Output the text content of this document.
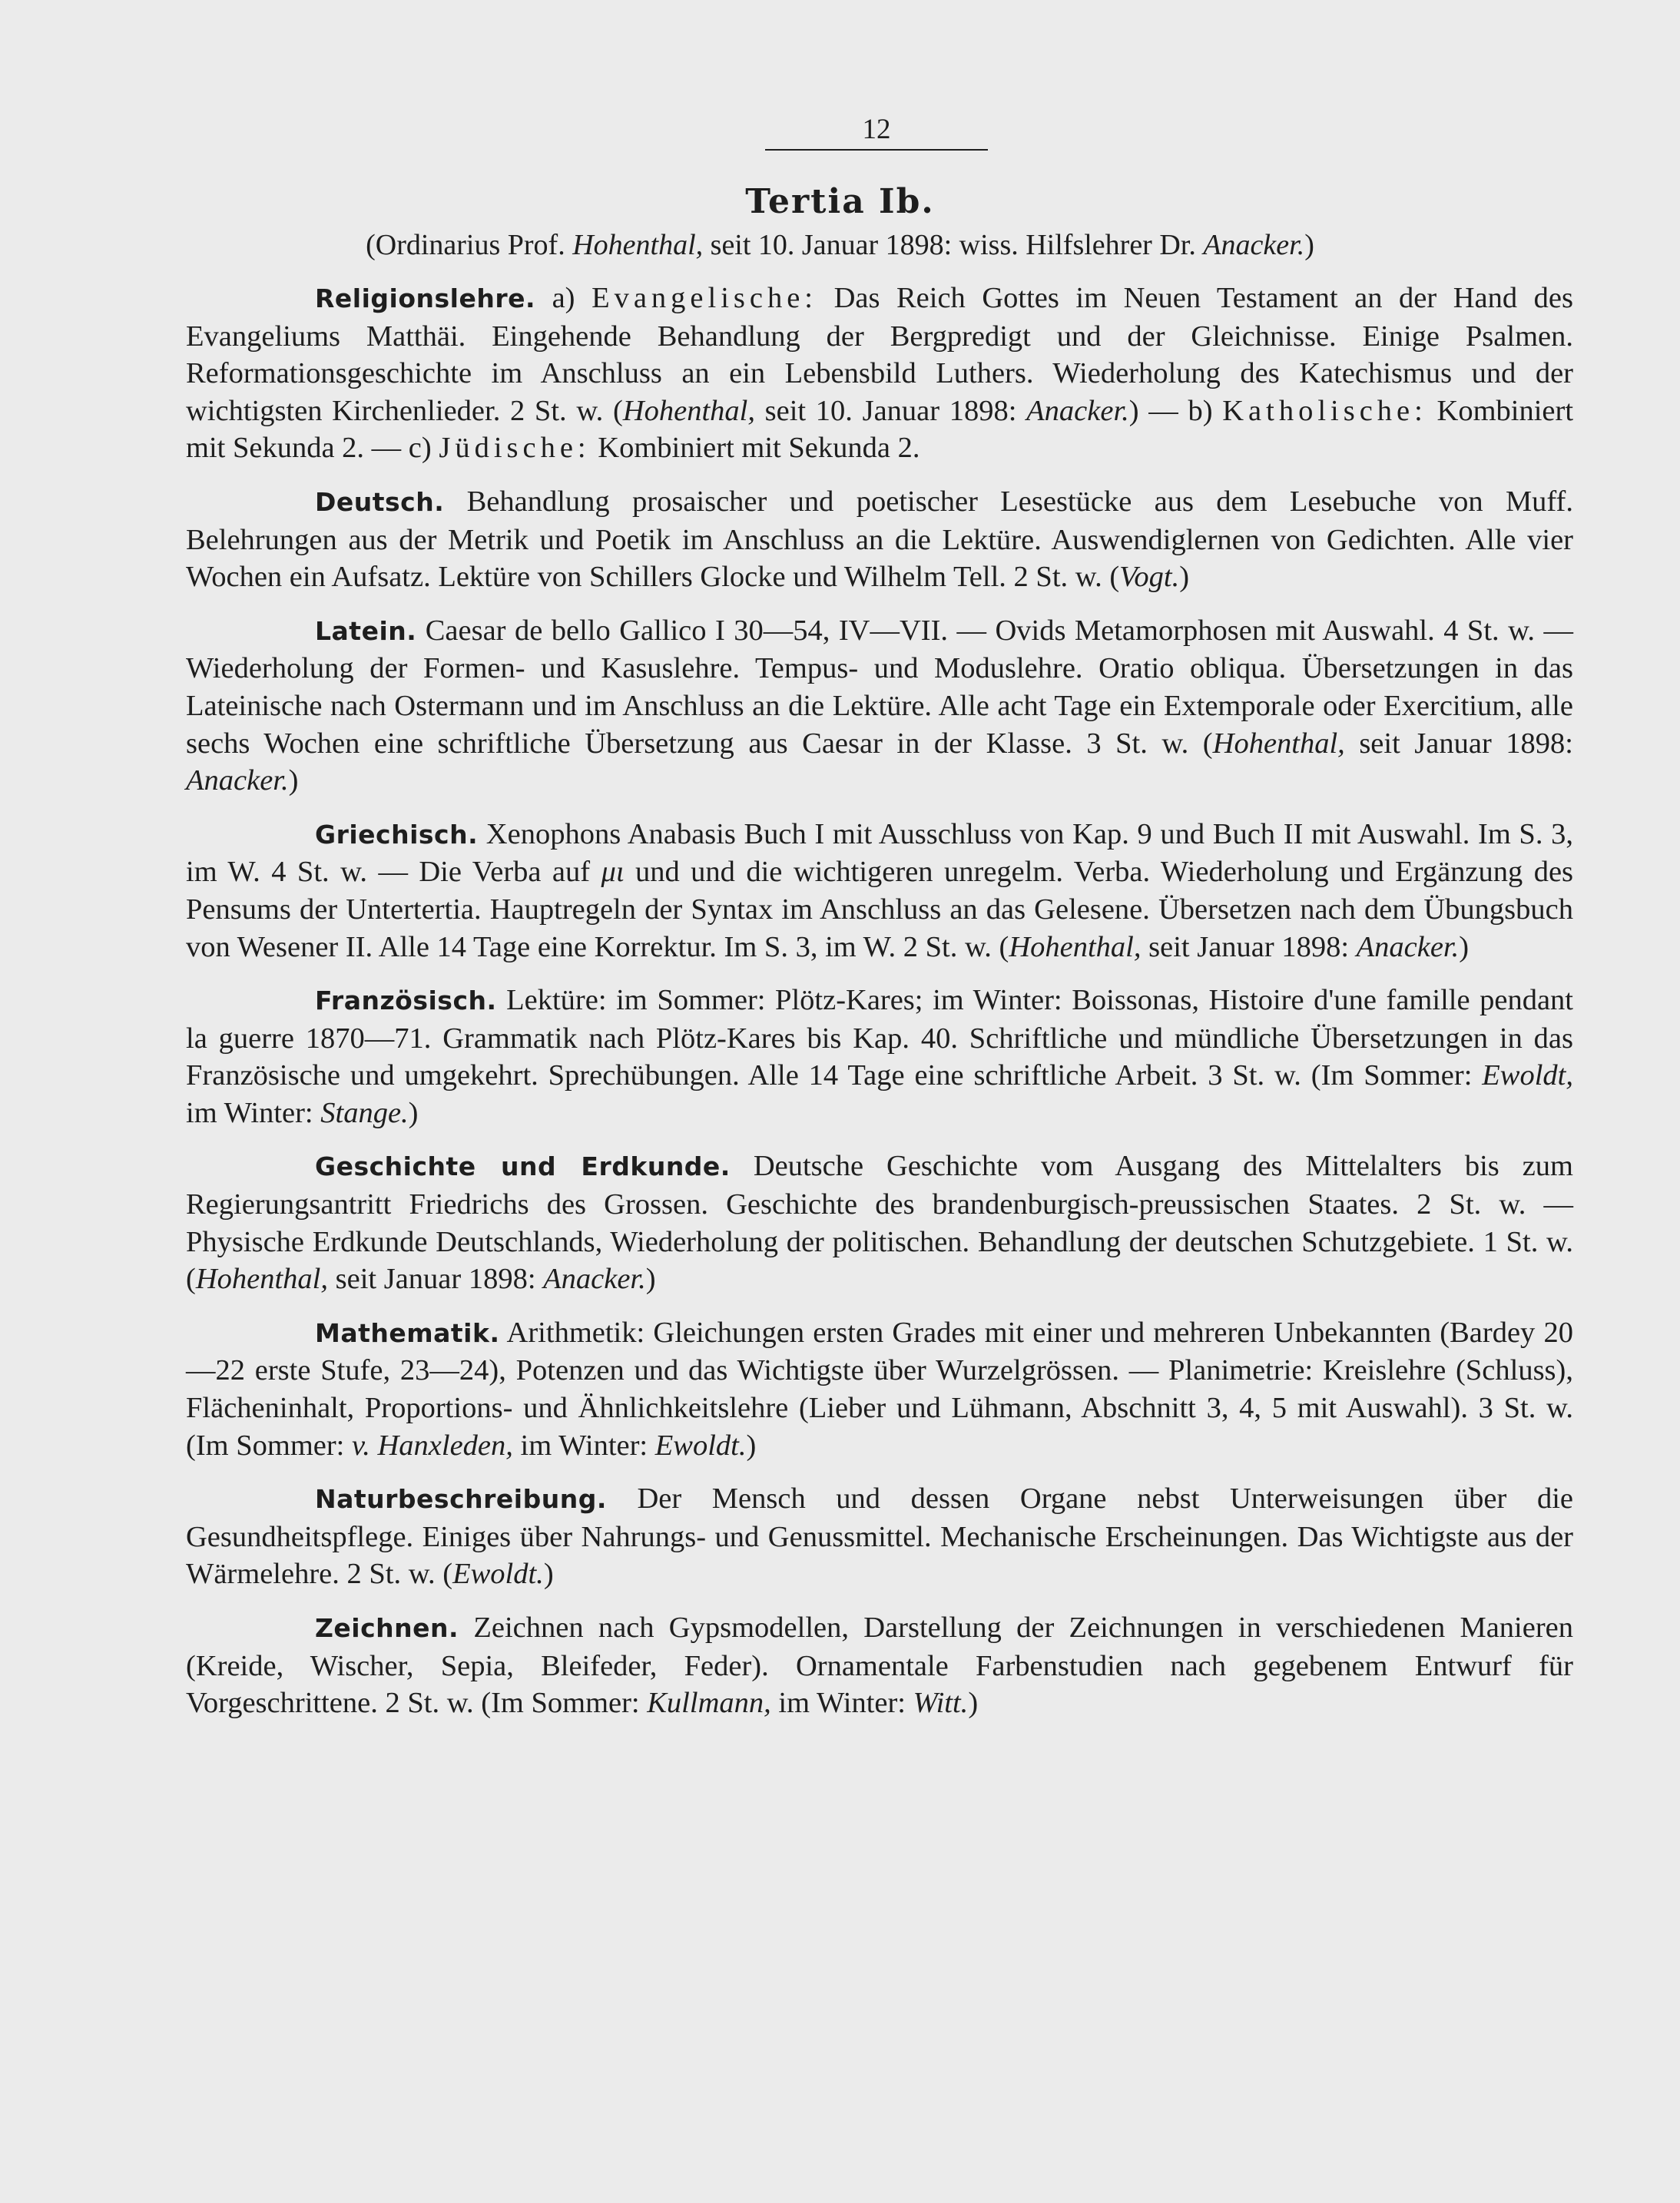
12
Tertia Ib.
(Ordinarius Prof. Hohenthal, seit 10. Januar 1898: wiss. Hilfslehrer Dr. Anacker.)

Religionslehre. a) Evangelische: Das Reich Gottes im Neuen Testament an der Hand des Evangeliums Matthäi. Eingehende Behandlung der Bergpredigt und der Gleichnisse. Einige Psalmen. Reformationsgeschichte im Anschluss an ein Lebensbild Luthers. Wiederholung des Katechismus und der wichtigsten Kirchenlieder. 2 St. w. (Hohenthal, seit 10. Januar 1898: Anacker.) — b) Katholische: Kombiniert mit Sekunda 2. — c) Jüdische: Kombiniert mit Sekunda 2.

Deutsch. Behandlung prosaischer und poetischer Lesestücke aus dem Lesebuche von Muff. Belehrungen aus der Metrik und Poetik im Anschluss an die Lektüre. Auswendiglernen von Gedichten. Alle vier Wochen ein Aufsatz. Lektüre von Schillers Glocke und Wilhelm Tell. 2 St. w. (Vogt.)

Latein. Caesar de bello Gallico I 30—54, IV—VII. — Ovids Metamorphosen mit Auswahl. 4 St. w. — Wiederholung der Formen- und Kasuslehre. Tempus- und Moduslehre. Oratio obliqua. Übersetzungen in das Lateinische nach Ostermann und im Anschluss an die Lektüre. Alle acht Tage ein Extemporale oder Exercitium, alle sechs Wochen eine schriftliche Übersetzung aus Caesar in der Klasse. 3 St. w. (Hohenthal, seit Januar 1898: Anacker.)

Griechisch. Xenophons Anabasis Buch I mit Ausschluss von Kap. 9 und Buch II mit Auswahl. Im S. 3, im W. 4 St. w. — Die Verba auf μι und und die wichtigeren unregelm. Verba. Wiederholung und Ergänzung des Pensums der Untertertia. Hauptregeln der Syntax im Anschluss an das Gelesene. Übersetzen nach dem Übungsbuch von Wesener II. Alle 14 Tage eine Korrektur. Im S. 3, im W. 2 St. w. (Hohenthal, seit Januar 1898: Anacker.)

Französisch. Lektüre: im Sommer: Plötz-Kares; im Winter: Boissonas, Histoire d'une famille pendant la guerre 1870—71. Grammatik nach Plötz-Kares bis Kap. 40. Schriftliche und mündliche Übersetzungen in das Französische und umgekehrt. Sprechübungen. Alle 14 Tage eine schriftliche Arbeit. 3 St. w. (Im Sommer: Ewoldt, im Winter: Stange.)

Geschichte und Erdkunde. Deutsche Geschichte vom Ausgang des Mittelalters bis zum Regierungsantritt Friedrichs des Grossen. Geschichte des brandenburgisch-preussischen Staates. 2 St. w. — Physische Erdkunde Deutschlands, Wiederholung der politischen. Behandlung der deutschen Schutzgebiete. 1 St. w. (Hohenthal, seit Januar 1898: Anacker.)

Mathematik. Arithmetik: Gleichungen ersten Grades mit einer und mehreren Unbekannten (Bardey 20—22 erste Stufe, 23—24), Potenzen und das Wichtigste über Wurzelgrössen. — Planimetrie: Kreislehre (Schluss), Flächeninhalt, Proportions- und Ähnlichkeitslehre (Lieber und Lühmann, Abschnitt 3, 4, 5 mit Auswahl). 3 St. w. (Im Sommer: v. Hanxleden, im Winter: Ewoldt.)

Naturbeschreibung. Der Mensch und dessen Organe nebst Unterweisungen über die Gesundheitspflege. Einiges über Nahrungs- und Genussmittel. Mechanische Erscheinungen. Das Wichtigste aus der Wärmelehre. 2 St. w. (Ewoldt.)

Zeichnen. Zeichnen nach Gypsmodellen, Darstellung der Zeichnungen in verschiedenen Manieren (Kreide, Wischer, Sepia, Bleifeder, Feder). Ornamentale Farbenstudien nach gegebenem Entwurf für Vorgeschrittene. 2 St. w. (Im Sommer: Kullmann, im Winter: Witt.)
